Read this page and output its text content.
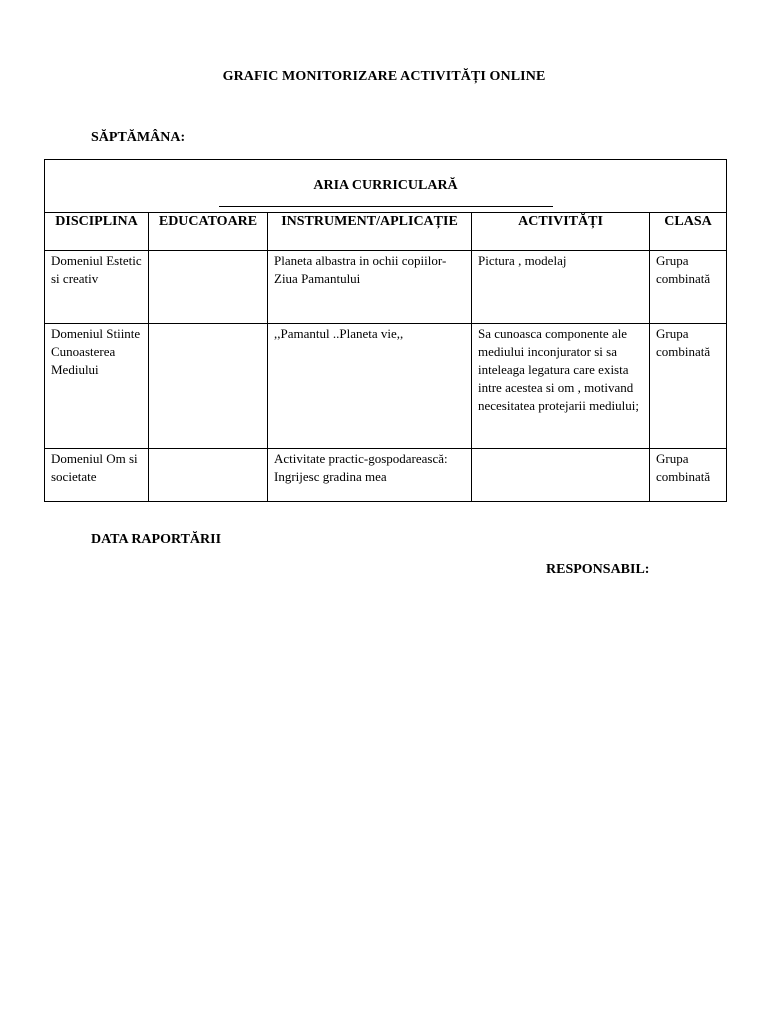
GRAFIC MONITORIZARE ACTIVITĂȚI ONLINE
SĂPTĂMÂNA:
ARIA CURRICULARĂ				

DISCIPLINA	EDUCATOARE	INSTRUMENT/APLICAȚIE	ACTIVITĂȚI	CLASA

Domeniul Estetic si creativ		Planeta albastra in ochii copiilor-Ziua Pamantului	Pictura , modelaj	Grupa combinată

Domeniul Stiinte Cunoasterea Mediului		,,Pamantul ..Planeta vie,,	Sa cunoasca componente ale mediului inconjurator si sa inteleaga legatura care exista intre acestea si om , motivand necesitatea protejarii mediului;	Grupa combinată

Domeniul Om si societate		Activitate practic-gospodarească: Ingrijesc gradina mea		Grupa combinată
DATA RAPORTĂRII
RESPONSABIL:
